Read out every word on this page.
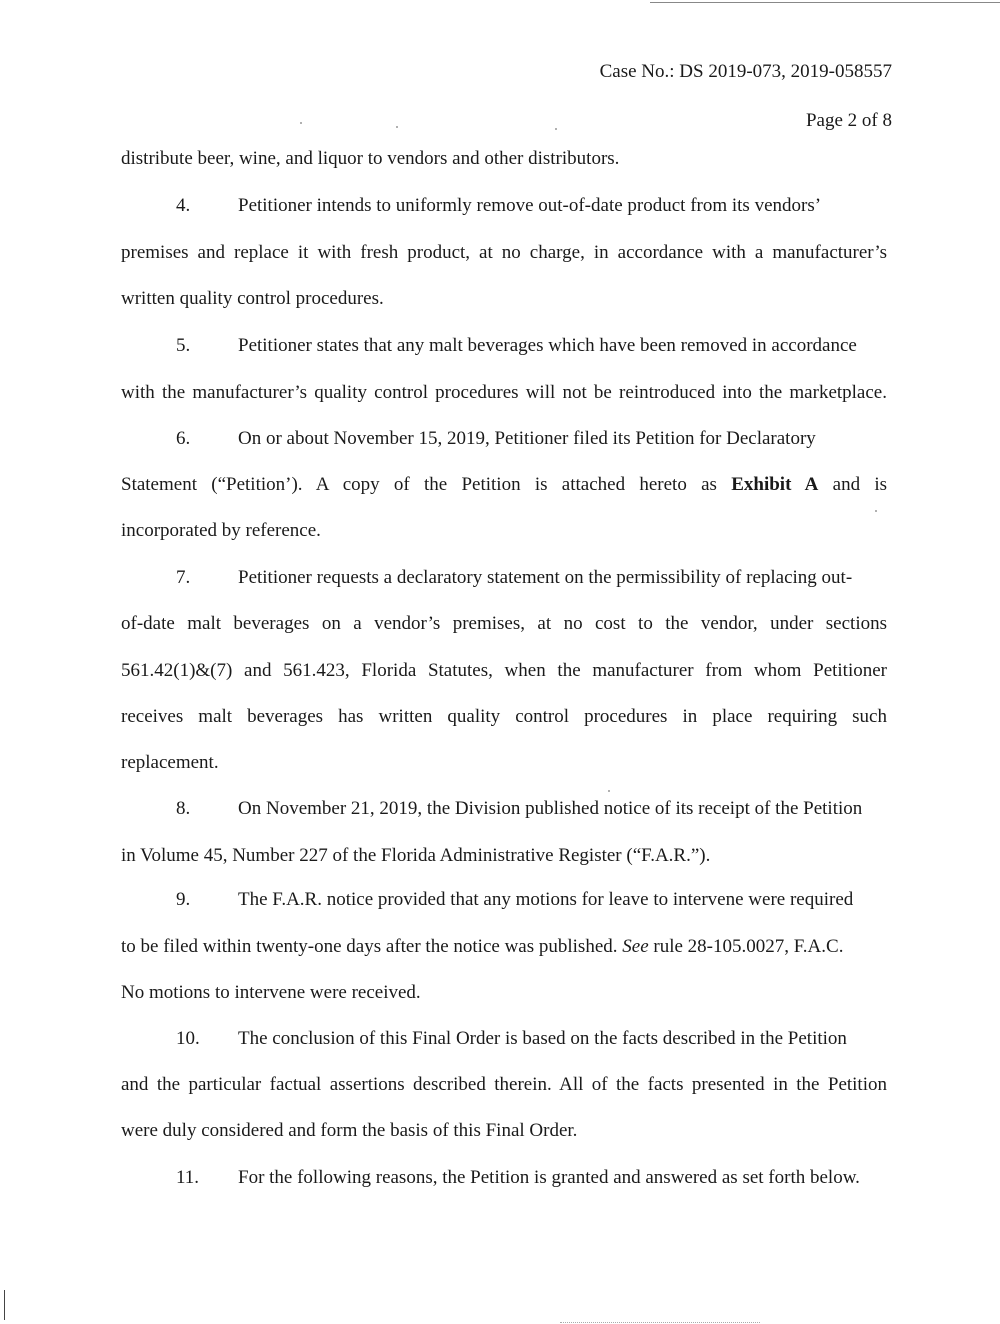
Case No.: DS 2019-073, 2019-058557
Page 2 of 8
distribute beer, wine, and liquor to vendors and other distributors.
4.	Petitioner intends to uniformly remove out-of-date product from its vendors’
premises and replace it with fresh product, at no charge, in accordance with a manufacturer’s
written quality control procedures.
5.	Petitioner states that any malt beverages which have been removed in accordance
with the manufacturer’s quality control procedures will not be reintroduced into the marketplace.
6.	On or about November 15, 2019, Petitioner filed its Petition for Declaratory
Statement (“Petition’). A copy of the Petition is attached hereto as Exhibit A and is
incorporated by reference.
7.	Petitioner requests a declaratory statement on the permissibility of replacing out-
of-date malt beverages on a vendor’s premises, at no cost to the vendor, under sections
561.42(1)&(7) and 561.423, Florida Statutes, when the manufacturer from whom Petitioner
receives malt beverages has written quality control procedures in place requiring such
replacement.
8.	On November 21, 2019, the Division published notice of its receipt of the Petition
in Volume 45, Number 227 of the Florida Administrative Register (“F.A.R.”).
9.	The F.A.R. notice provided that any motions for leave to intervene were required
to be filed within twenty-one days after the notice was published. See rule 28-105.0027, F.A.C.
No motions to intervene were received.
10. The conclusion of this Final Order is based on the facts described in the Petition
and the particular factual assertions described therein. All of the facts presented in the Petition
were duly considered and form the basis of this Final Order.
11. For the following reasons, the Petition is granted and answered as set forth below.
